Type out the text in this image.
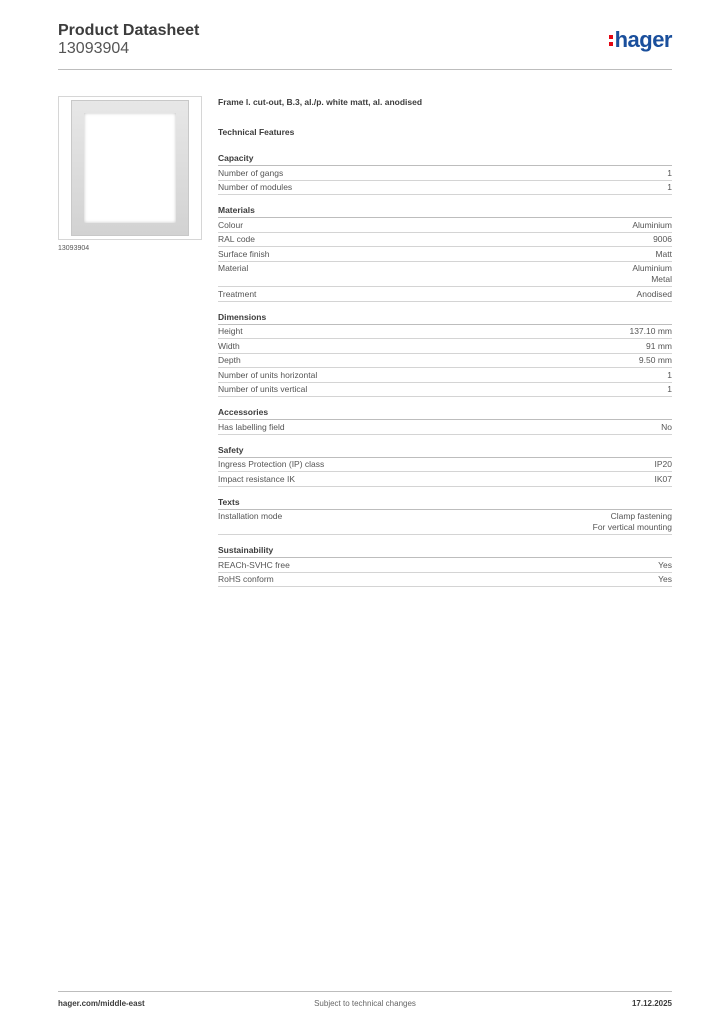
Product Datasheet
13093904	hager
13093904
Frame l. cut-out, B.3, al./p. white matt, al. anodised
Technical Features
Capacity
Number of gangs	1
Number of modules	1
Materials
Colour	Aluminium
RAL code	9006
Surface finish	Matt
Material	Aluminium
Metal
Treatment	Anodised
Dimensions
Height	137.10 mm
Width	91 mm
Depth	9.50 mm
Number of units horizontal	1
Number of units vertical	1
Accessories
Has labelling field	No
Safety
Ingress Protection (IP) class	IP20
Impact resistance IK	IK07
Texts
Installation mode	Clamp fastening
For vertical mounting
Sustainability
REACh-SVHC free	Yes
RoHS conform	Yes
hager.com/middle-east	Subject to technical changes	17.12.2025
